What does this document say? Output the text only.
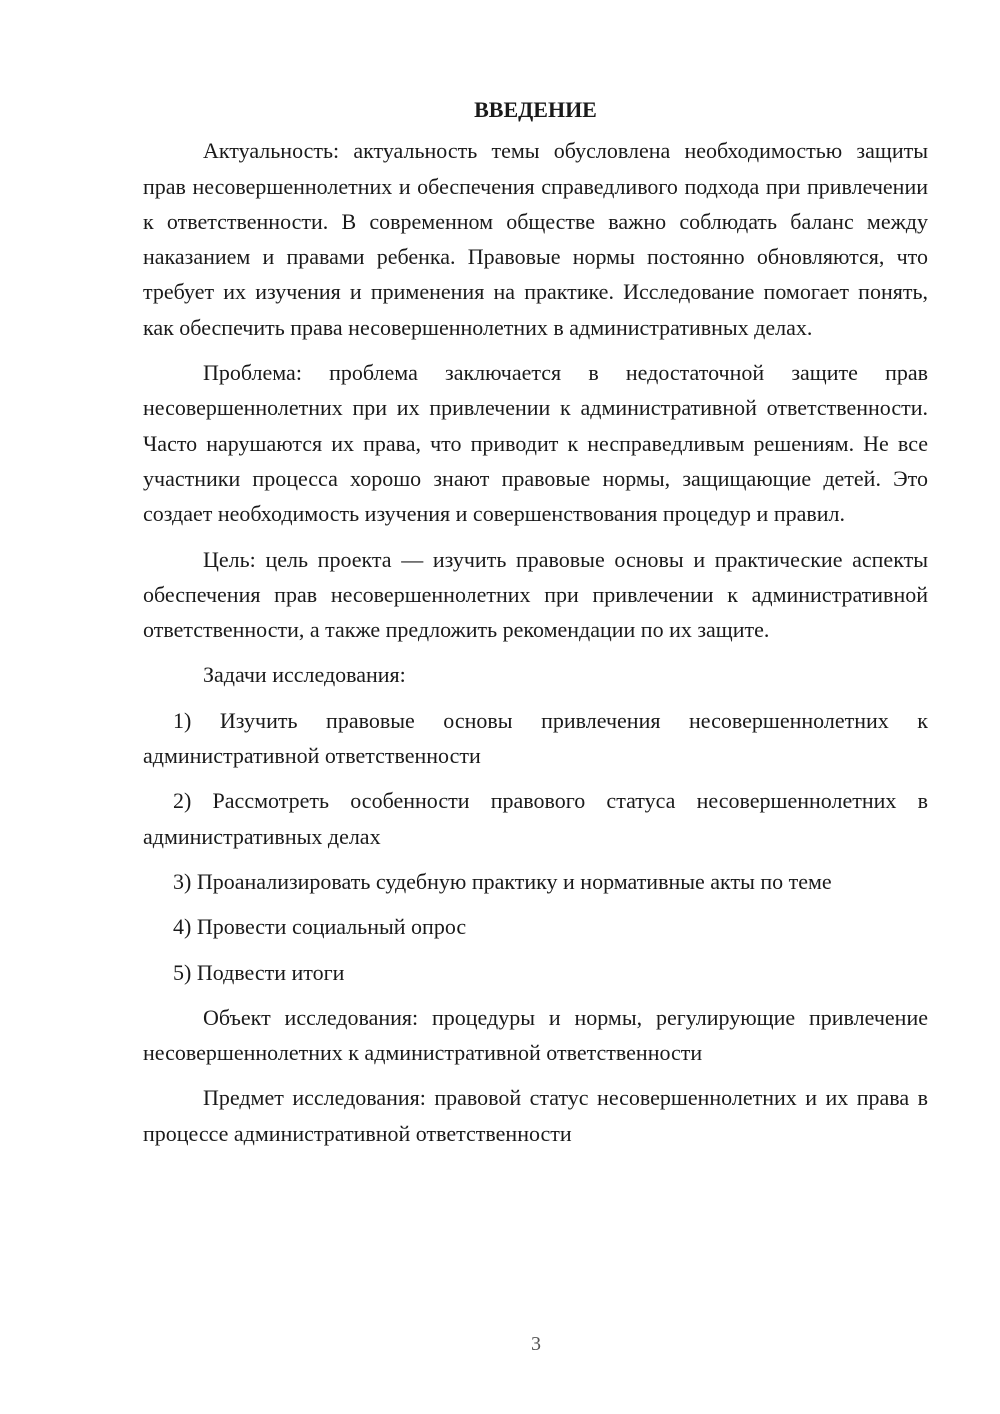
ВВЕДЕНИЕ

Актуальность: актуальность темы обусловлена необходимостью защиты прав несовершеннолетних и обеспечения справедливого подхода при привлечении к ответственности. В современном обществе важно соблюдать баланс между наказанием и правами ребенка. Правовые нормы постоянно обновляются, что требует их изучения и применения на практике. Исследование помогает понять, как обеспечить права несовершеннолетних в административных делах.

Проблема: проблема заключается в недостаточной защите прав несовершеннолетних при их привлечении к административной ответственности. Часто нарушаются их права, что приводит к несправедливым решениям. Не все участники процесса хорошо знают правовые нормы, защищающие детей. Это создает необходимость изучения и совершенствования процедур и правил.

Цель: цель проекта — изучить правовые основы и практические аспекты обеспечения прав несовершеннолетних при привлечении к административной ответственности, а также предложить рекомендации по их защите.

Задачи исследования:

1) Изучить правовые основы привлечения несовершеннолетних к административной ответственности

2) Рассмотреть особенности правового статуса несовершеннолетних в административных делах

3) Проанализировать судебную практику и нормативные акты по теме

4) Провести социальный опрос

5) Подвести итоги

Объект исследования: процедуры и нормы, регулирующие привлечение несовершеннолетних к административной ответственности

Предмет исследования: правовой статус несовершеннолетних и их права в процессе административной ответственности

3
